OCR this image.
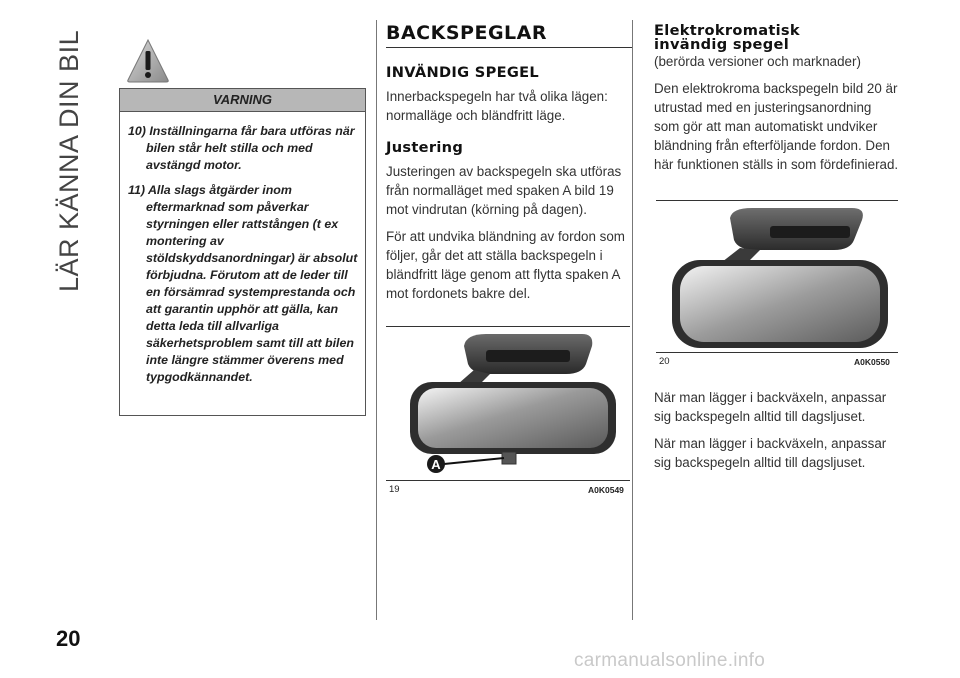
LÄR KÄNNA DIN BIL
20
VARNING
10) Inställningarna får bara utföras när bilen står helt stilla och med avstängd motor.
11) Alla slags åtgärder inom eftermarknad som påverkar styrningen eller rattstången (t ex montering av stöldskyddsanordningar) är absolut förbjudna. Förutom att de leder till en försämrad systemprestanda och att garantin upphör att gälla, kan detta leda till allvarliga säkerhetsproblem samt till att bilen inte längre stämmer överens med typgodkännandet.
BACKSPEGLAR
INVÄNDIG SPEGEL

Innerbackspegeln har två olika lägen: normalläge och bländfritt läge.

Justering

Justeringen av backspegeln ska utföras från normalläget med spaken A bild 19 mot vindrutan (körning på dagen).

För att undvika bländning av fordon som följer, går det att ställa backspegeln i bländfritt läge genom att flytta spaken A mot fordonets bakre del.

A
19	A0K0549
Elektrokromatisk
invändig spegel

(berörda versioner och marknader)

Den elektrokroma backspegeln bild 20 är utrustad med en justeringsanordning som gör att man automatiskt undviker bländning från efterföljande fordon. Den här funktionen ställs in som fördefinierad.

20	A0K0550

När man lägger i backväxeln, anpassar sig backspegeln alltid till dagsljuset.

När man lägger i backväxeln, anpassar sig backspegeln alltid till dagsljuset.

carmanualsonline.info
